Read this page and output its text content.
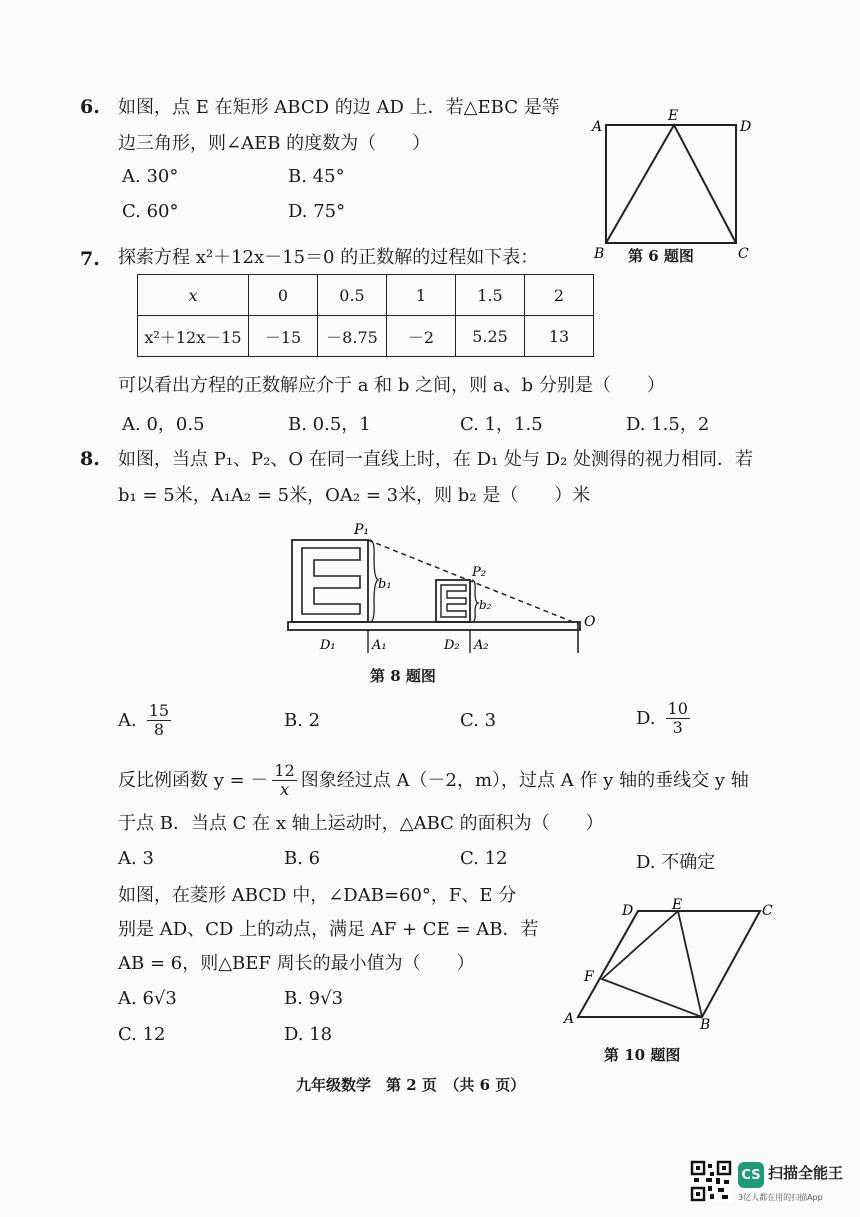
6. 如图，点 E 在矩形 ABCD 的边 AD 上．若△EBC 是等
边三角形，则∠AEB 的度数为（　　）
A. 30°	B. 45°
C. 60°	D. 75°
A
E
D
B	C
第 6 题图
7. 探索方程 x²＋12x－15＝0 的正数解的过程如下表：
x	0	0.5	1	1.5	2
x²＋12x－15	－15	－8.75	－2	5.25	13
可以看出方程的正数解应介于 a 和 b 之间，则 a、b 分别是（　　）
A. 0，0.5	B. 0.5，1	C. 1，1.5	D. 1.5，2
8. 如图，当点 P₁、P₂、O 在同一直线上时，在 D₁ 处与 D₂ 处测得的视力相同．若
b₁ = 5米，A₁A₂ = 5米，OA₂ = 3米，则 b₂ 是（　　）米
P₁
P₂
b₁
b₂
O
D₁	A₁	D₂ A₂
第 8 题图
A. $\frac{15}{8}$	B. 2	C. 3	D. $\frac{10}{3}$
反比例函数 y = － $\frac{12}{x}$ 图象经过点 A（－2，m），过点 A 作 y 轴的垂线交 y 轴
于点 B．当点 C 在 x 轴上运动时，△ABC 的面积为（　　）
A. 3	B. 6	C. 12	D. 不确定
如图，在菱形 ABCD 中，∠DAB=60°，F、E 分
别是 AD、CD 上的动点，满足 AF + CE = AB．若
AB = 6，则△BEF 周长的最小值为（　　）
A. 6√3	B. 9√3
C. 12	D. 18
D	E	C
F
A	B
第 10 题图
九年级数学　第 2 页　（共 6 页）
CS 扫描全能王
3亿人都在用的扫描App
